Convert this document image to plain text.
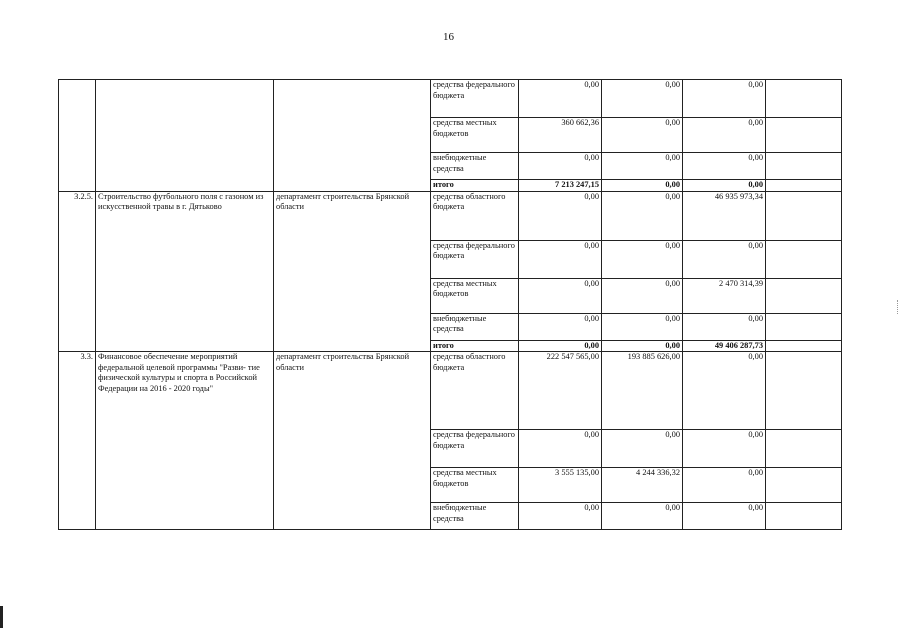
16
			средства федерального бюджета	0,00	0,00	0,00	
			средства местных бюджетов	360 662,36	0,00	0,00	
			внебюджетные средства	0,00	0,00	0,00	
			итого	7 213 247,15	0,00	0,00	
3.2.5.	Строительство футбольного поля с газоном из искусственной травы в г. Дятьково	департамент строительства Брянской области	средства областного бюджета	0,00	0,00	46 935 973,34	
			средства федерального бюджета	0,00	0,00	0,00	
			средства местных бюджетов	0,00	0,00	2 470 314,39	
			внебюджетные средства	0,00	0,00	0,00	
			итого	0,00	0,00	49 406 287,73	
3.3.	Финансовое обеспечение мероприятий федеральной целевой программы "Разви- тие физической культуры и спорта в Российской Федерации на 2016 - 2020 годы"	департамент строительства Брянской области	средства областного бюджета	222 547 565,00	193 885 626,00	0,00	
			средства федерального бюджета	0,00	0,00	0,00	
			средства местных бюджетов	3 555 135,00	4 244 336,32	0,00	
			внебюджетные средства	0,00	0,00	0,00	
